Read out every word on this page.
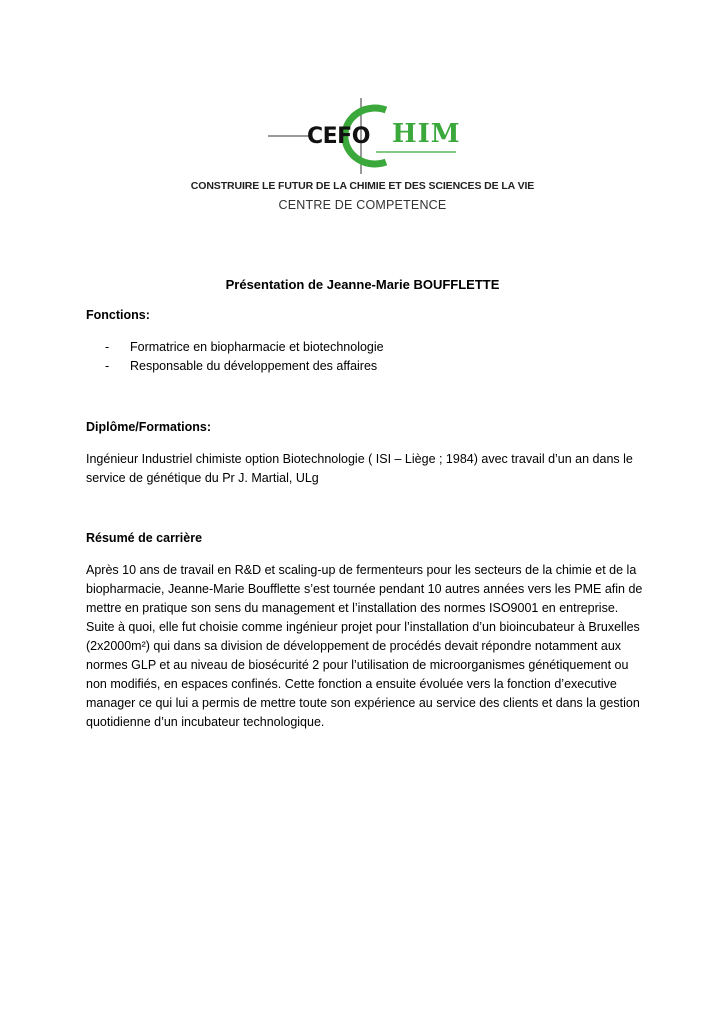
CEFO HIM
CONSTRUIRE LE FUTUR DE LA CHIMIE ET DES SCIENCES DE LA VIE
CENTRE DE COMPETENCE
Présentation de Jeanne-Marie BOUFFLETTE
Fonctions:
- Formatrice en biopharmacie et biotechnologie
- Responsable du développement des affaires
Diplôme/Formations:
Ingénieur Industriel chimiste option Biotechnologie ( ISI – Liège ; 1984) avec travail d’un an dans le
service de génétique du Pr J. Martial, ULg
Résumé de carrière
Après 10 ans de travail en R&D et scaling-up de fermenteurs pour les secteurs de la chimie et de la
biopharmacie, Jeanne-Marie Boufflette s’est tournée pendant 10 autres années vers les PME afin de
mettre en pratique son sens du management et l’installation des normes ISO9001 en entreprise.
Suite à quoi, elle fut choisie comme ingénieur projet pour l’installation d’un bioincubateur à Bruxelles
(2x2000m²) qui dans sa division de développement de procédés devait répondre notamment aux
normes GLP et au niveau de biosécurité 2 pour l’utilisation de microorganismes génétiquement ou
non modifiés, en espaces confinés. Cette fonction a ensuite évoluée vers la fonction d’executive
manager ce qui lui a permis de mettre toute son expérience au service des clients et dans la gestion
quotidienne d’un incubateur technologique.
